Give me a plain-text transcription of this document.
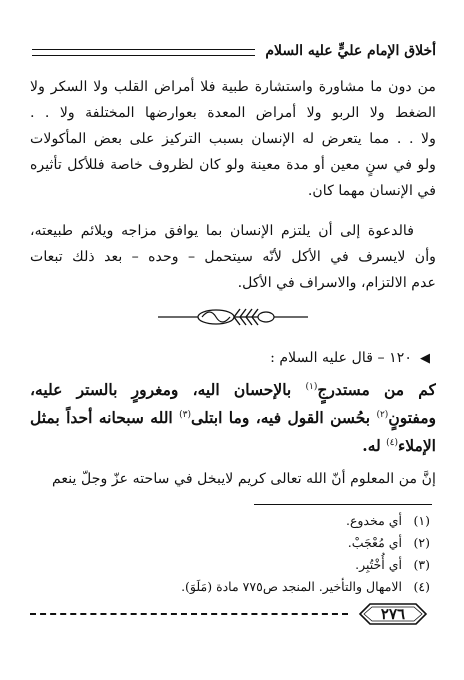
أخلاق الإمام عليٍّ عليه السلام
من دون ما مشاورة واستشارة طبية فلا أمراض القلب ولا السكر ولا
الضغط ولا الربو ولا أمراض المعدة بعوارضها المختلفة ولا . .
ولا . . مما يتعرض له الإنسان بسبب التركيز على بعض المأكولات
ولو في سنٍ معين أو مدة معينة ولو كان لظروف خاصة فللأكل تأثيره
في الإنسان مهما كان.
فالدعوة إلى أن يلتزم الإنسان بما يوافق مزاجه ويلائم طبيعته،
وأن لايسرف في الأكل لأنّه سيتحمل – وحده – بعد ذلك تبعات
عدم الالتزام، والاسراف في الأكل.
◀١٢٠ – قال عليه السلام :
كم من مستدرجٍ$^{(١)}$ بالإحسان اليه، ومغرورٍ بالستر عليه،
ومفتونٍ$^{(٢)}$ بحُسن القول فيه، وما ابتلى$^{(٣)}$ الله سبحانه أحداً بمثل
الإملاء$^{(٤)}$ له.
إنَّ من المعلوم أنّ الله تعالى كريم لايبخل في ساحته عزّ وجلّ ينعم
(١)أي مخدوع.
(٢)أي مُعْجَبْ.
(٣)أي أُخْتُبِر.
(٤)الامهال والتأخير. المنجد ص٧٧٥ مادة (مَلَوَ).
٢٧٦
